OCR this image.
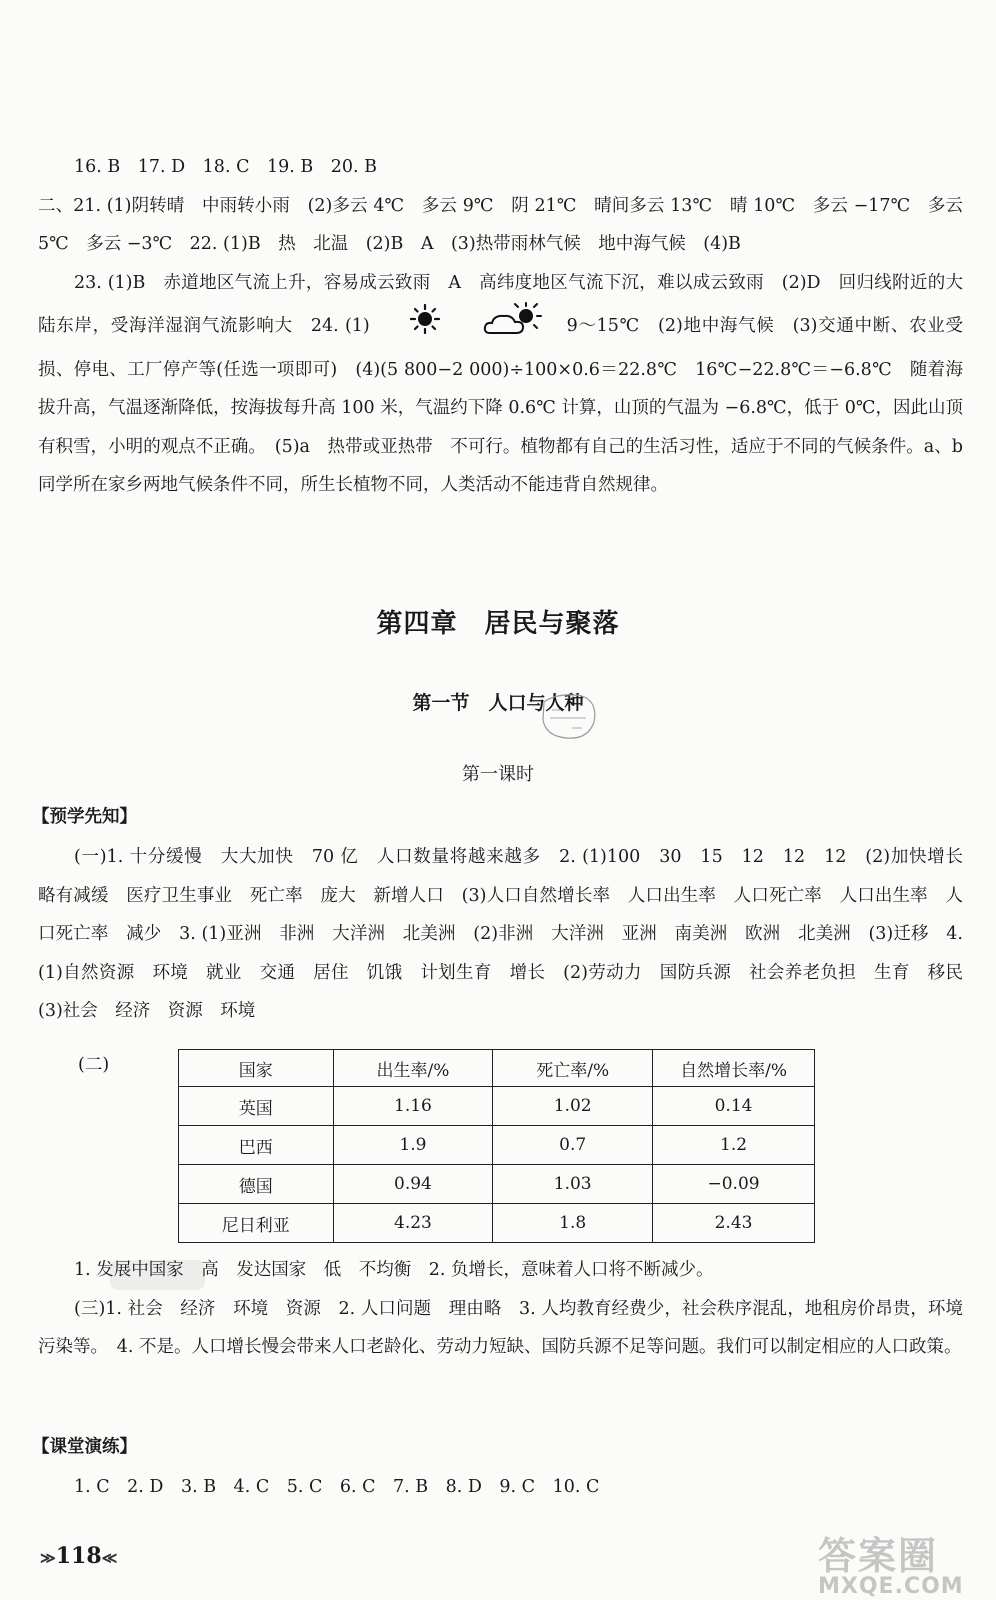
16. B　17. D　18. C　19. B　20. B

二、21. (1)阴转晴　中雨转小雨　(2)多云 4℃　多云 9℃　阴 21℃　晴间多云 13℃　晴 10℃　多云 −17℃　多云 5℃　多云 −3℃　22. (1)B　热　北温　(2)B　A　(3)热带雨林气候　地中海气候　(4)B

23. (1)B　赤道地区气流上升，容易成云致雨　A　高纬度地区气流下沉，难以成云致雨　(2)D　回归线附近的大陆东岸，受海洋湿润气流影响大　24. (1)	　9～15℃　(2)地中海气候　(3)交通中断、农业受损、停电、工厂停产等(任选一项即可)　(4)(5 800−2 000)÷100×0.6＝22.8℃　16℃−22.8℃＝−6.8℃　随着海拔升高，气温逐渐降低，按海拔每升高 100 米，气温约下降 0.6℃ 计算，山顶的气温为 −6.8℃，低于 0℃，因此山顶有积雪，小明的观点不正确。　(5)a　热带或亚热带　不可行。植物都有自己的生活习性，适应于不同的气候条件。a、b 同学所在家乡两地气候条件不同，所生长植物不同，人类活动不能违背自然规律。

第四章　居民与聚落
第一节　人口与人种
第一课时
【预学先知】

(一)1. 十分缓慢　大大加快　70 亿　人口数量将越来越多　2. (1)100　30　15　12　12　12　(2)加快增长　略有减缓　医疗卫生事业　死亡率　庞大　新增人口　(3)人口自然增长率　人口出生率　人口死亡率　人口出生率　人口死亡率　减少　3. (1)亚洲　非洲　大洋洲　北美洲　(2)非洲　大洋洲　亚洲　南美洲　欧洲　北美洲　(3)迁移　4. (1)自然资源　环境　就业　交通　居住　饥饿　计划生育　增长　(2)劳动力　国防兵源　社会养老负担　生育　移民　(3)社会　经济　资源　环境

(二)	国家	出生率/%	死亡率/%	自然增长率/%
英国	1.16	1.02	0.14
巴西	1.9	0.7	1.2
德国	0.94	1.03	−0.09
尼日利亚	4.23	1.8	2.43

1. 发展中国家　高　发达国家　低　不均衡　2. 负增长，意味着人口将不断减少。

(三)1. 社会　经济　环境　资源　2. 人口问题　理由略　3. 人均教育经费少，社会秩序混乱，地租房价昂贵，环境污染等。　4. 不是。人口增长慢会带来人口老龄化、劳动力短缺、国防兵源不足等问题。我们可以制定相应的人口政策。

【课堂演练】

1. C　2. D　3. B　4. C　5. C　6. C　7. B　8. D　9. C　10. C

≫118≪	答案圈
MXQE.COM
